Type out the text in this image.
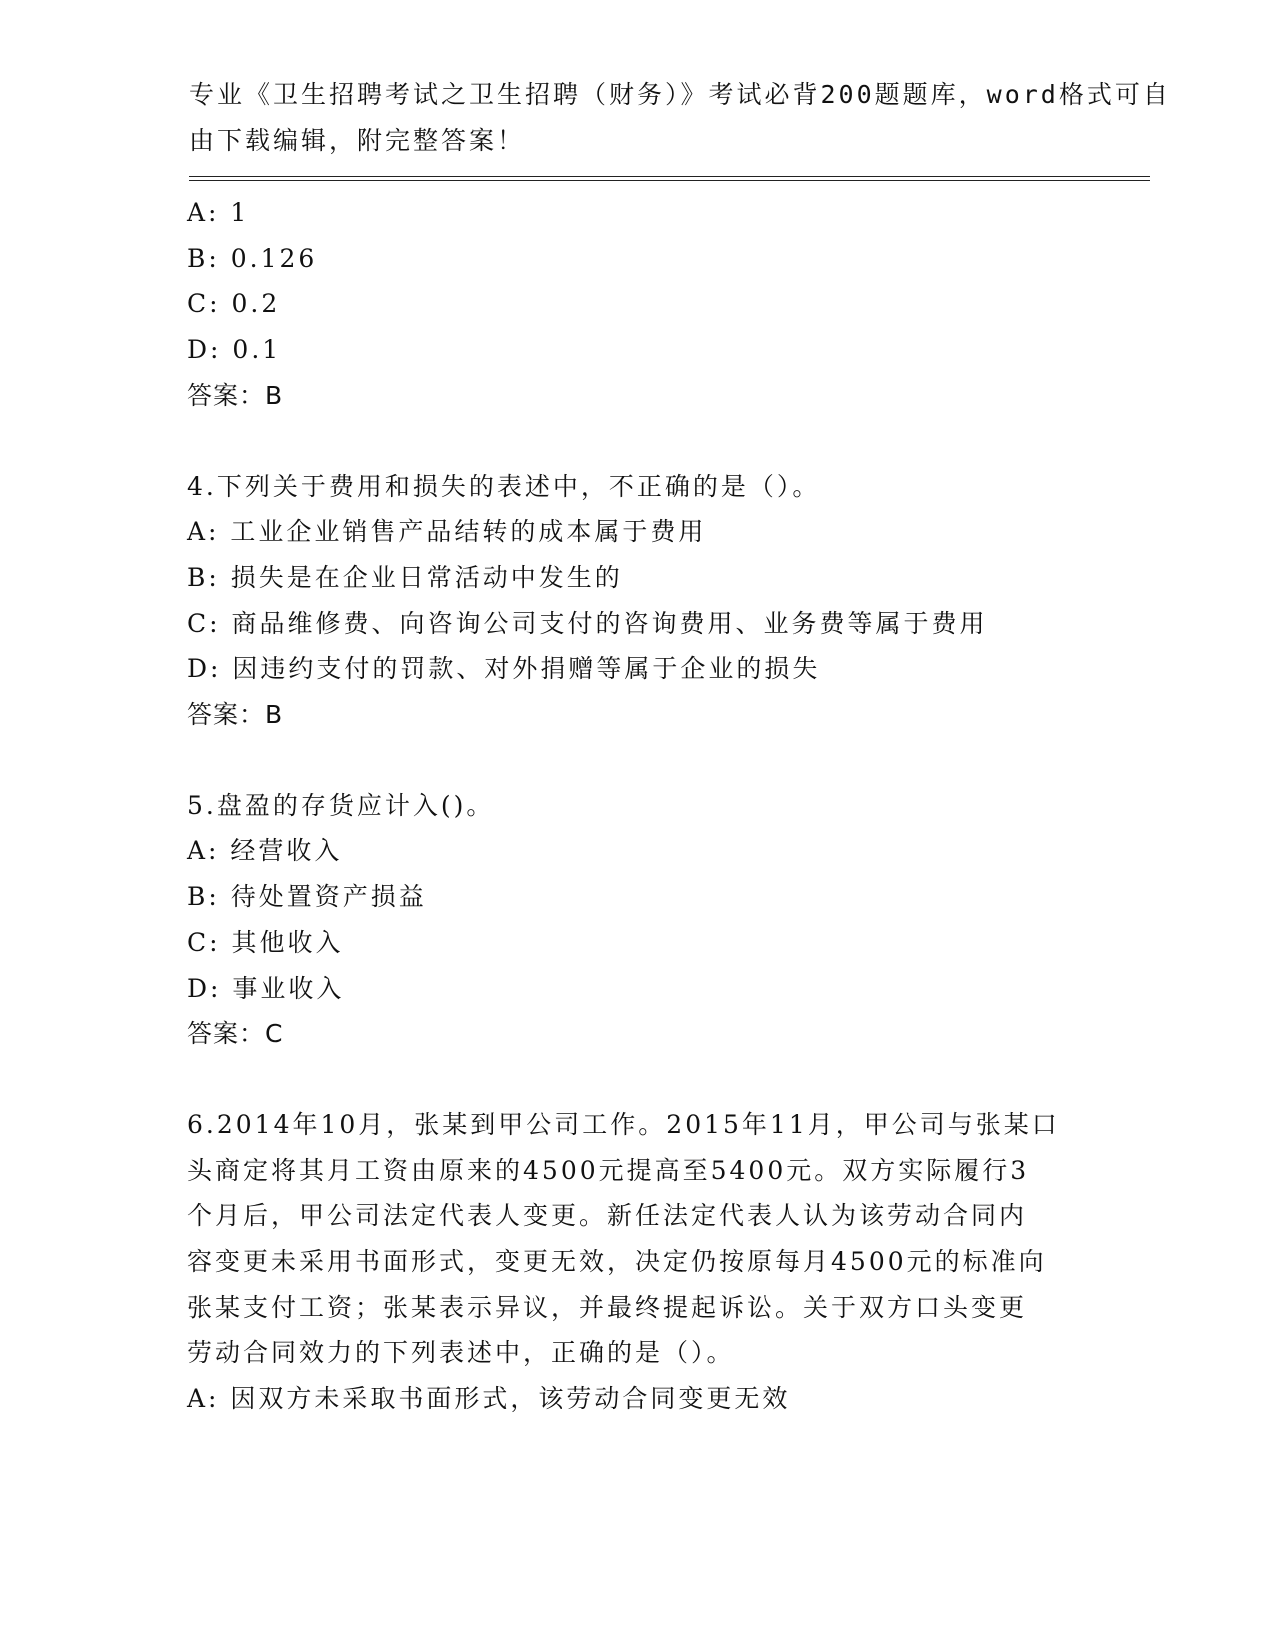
专业《卫生招聘考试之卫生招聘（财务）》考试必背200题题库，word格式可自
由下载编辑，附完整答案！
A: 1
B: 0.126
C: 0.2
D: 0.1
答案：B
4.下列关于费用和损失的表述中，不正确的是（）。
A: 工业企业销售产品结转的成本属于费用
B: 损失是在企业日常活动中发生的
C: 商品维修费、向咨询公司支付的咨询费用、业务费等属于费用
D: 因违约支付的罚款、对外捐赠等属于企业的损失
答案：B
5.盘盈的存货应计入()。
A: 经营收入
B: 待处置资产损益
C: 其他收入
D: 事业收入
答案：C
6.2014年10月，张某到甲公司工作。2015年11月，甲公司与张某口
头商定将其月工资由原来的4500元提高至5400元。双方实际履行3
个月后，甲公司法定代表人变更。新任法定代表人认为该劳动合同内
容变更未采用书面形式，变更无效，决定仍按原每月4500元的标准向
张某支付工资；张某表示异议，并最终提起诉讼。关于双方口头变更
劳动合同效力的下列表述中，正确的是（）。
A: 因双方未采取书面形式，该劳动合同变更无效
